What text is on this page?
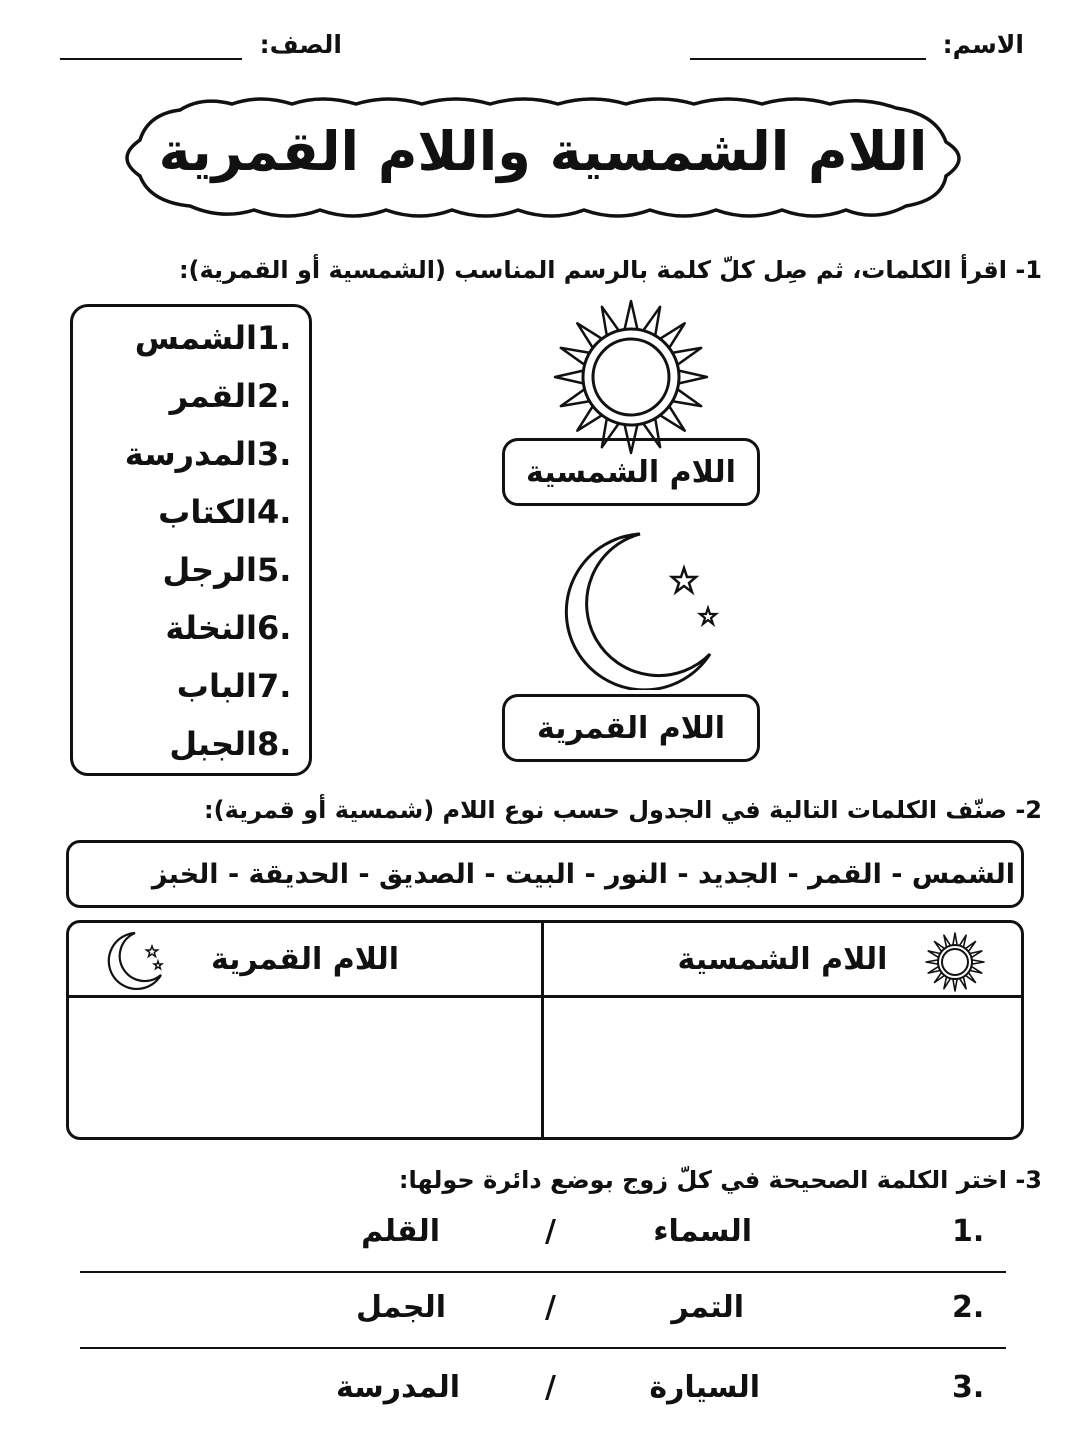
الاسم:
الصف:
اللام الشمسية واللام القمرية
1- اقرأ الكلمات، ثم صِل كلّ كلمة بالرسم المناسب (الشمسية أو القمرية):
1.
الشمس
2.
القمر
3.
المدرسة
4.
الكتاب
5.
الرجل
6.
النخلة
7.
الباب
8.
الجبل
اللام الشمسية
اللام القمرية
2- صنّف الكلمات التالية في الجدول حسب نوع اللام (شمسية أو قمرية):
الشمس - القمر - الجديد - النور - البيت - الصديق - الحديقة - الخبز
اللام الشمسية
اللام القمرية
3- اختر الكلمة الصحيحة في كلّ زوج بوضع دائرة حولها:
1.
السماء
/
القلم
2.
التمر
/
الجمل
3.
السيارة
/
المدرسة
